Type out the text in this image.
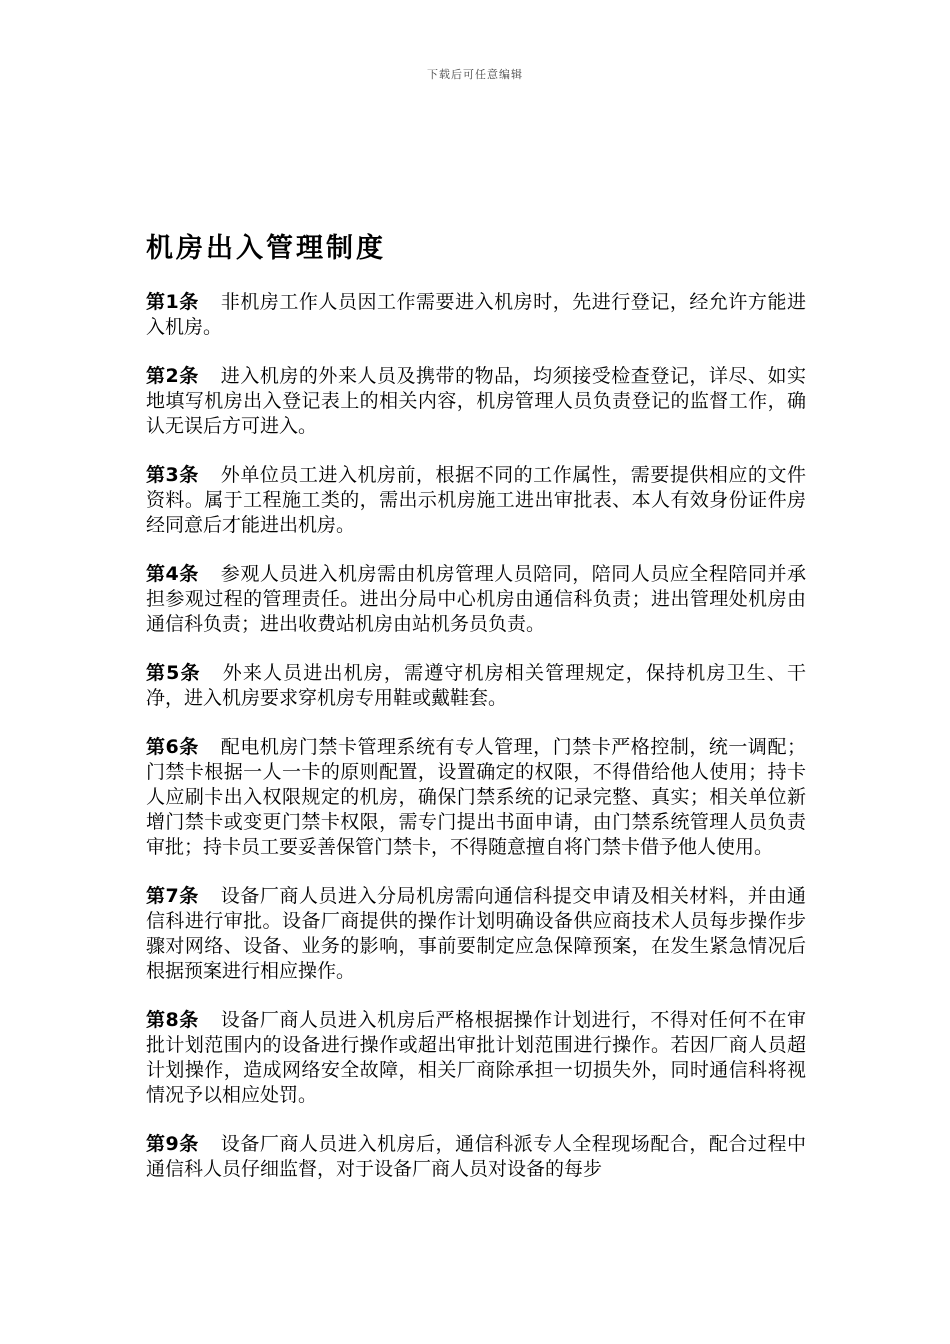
下载后可任意编辑
机房出入管理制度

第1条 非机房工作人员因工作需要进入机房时，先进行登记，经允许方能进入机房。

第2条 进入机房的外来人员及携带的物品，均须接受检查登记，详尽、如实地填写机房出入登记表上的相关内容，机房管理人员负责登记的监督工作，确认无误后方可进入。

第3条 外单位员工进入机房前，根据不同的工作属性，需要提供相应的文件资料。属于工程施工类的，需出示机房施工进出审批表、本人有效身份证件房经同意后才能进出机房。

第4条 参观人员进入机房需由机房管理人员陪同，陪同人员应全程陪同并承担参观过程的管理责任。进出分局中心机房由通信科负责；进出管理处机房由通信科负责；进出收费站机房由站机务员负责。

第5条 外来人员进出机房，需遵守机房相关管理规定，保持机房卫生、干净，进入机房要求穿机房专用鞋或戴鞋套。

第6条 配电机房门禁卡管理系统有专人管理，门禁卡严格控制，统一调配；门禁卡根据一人一卡的原则配置，设置确定的权限，不得借给他人使用；持卡人应刷卡出入权限规定的机房，确保门禁系统的记录完整、真实；相关单位新增门禁卡或变更门禁卡权限，需专门提出书面申请，由门禁系统管理人员负责审批；持卡员工要妥善保管门禁卡，不得随意擅自将门禁卡借予他人使用。

第7条 设备厂商人员进入分局机房需向通信科提交申请及相关材料，并由通信科进行审批。设备厂商提供的操作计划明确设备供应商技术人员每步操作步骤对网络、设备、业务的影响，事前要制定应急保障预案，在发生紧急情况后根据预案进行相应操作。

第8条 设备厂商人员进入机房后严格根据操作计划进行，不得对任何不在审批计划范围内的设备进行操作或超出审批计划范围进行操作。若因厂商人员超计划操作，造成网络安全故障，相关厂商除承担一切损失外，同时通信科将视情况予以相应处罚。

第9条 设备厂商人员进入机房后，通信科派专人全程现场配合，配合过程中通信科人员仔细监督，对于设备厂商人员对设备的每步
